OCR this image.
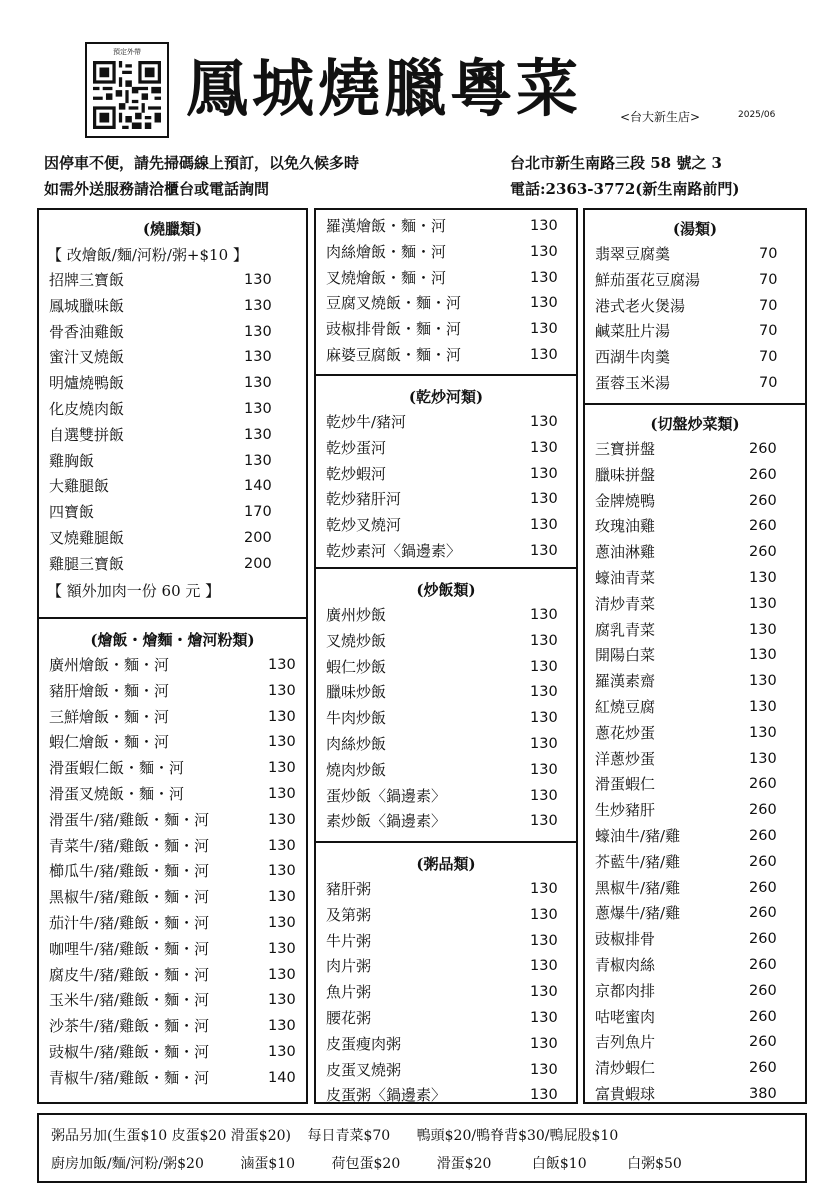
預定外帶 鳳城燒臘粵菜	<台大新生店>	2025/06
因停車不便，請先掃碼線上預訂，以免久候多時
如需外送服務請洽櫃台或電話詢問
台北市新生南路三段 58 號之 3
電話:2363-3772(新生南路前門)
(燒臘類)
【 改燴飯/麵/河粉/粥+$10 】
招牌三寶飯	130
鳳城臘味飯	130
骨香油雞飯	130
蜜汁叉燒飯	130
明爐燒鴨飯	130
化皮燒肉飯	130
自選雙拼飯	130
雞胸飯	130
大雞腿飯	140
四寶飯	170
叉燒雞腿飯	200
雞腿三寶飯	200
【 額外加肉一份 60 元 】
(燴飯・燴麵・燴河粉類)
廣州燴飯・麵・河	130
豬肝燴飯・麵・河	130
三鮮燴飯・麵・河	130
蝦仁燴飯・麵・河	130
滑蛋蝦仁飯・麵・河	130
滑蛋叉燒飯・麵・河	130
滑蛋牛/豬/雞飯・麵・河	130
青菜牛/豬/雞飯・麵・河	130
櫛瓜牛/豬/雞飯・麵・河	130
黑椒牛/豬/雞飯・麵・河	130
茄汁牛/豬/雞飯・麵・河	130
咖哩牛/豬/雞飯・麵・河	130
腐皮牛/豬/雞飯・麵・河	130
玉米牛/豬/雞飯・麵・河	130
沙茶牛/豬/雞飯・麵・河	130
豉椒牛/豬/雞飯・麵・河	130
青椒牛/豬/雞飯・麵・河	140
羅漢燴飯・麵・河	130
肉絲燴飯・麵・河	130
叉燒燴飯・麵・河	130
豆腐叉燒飯・麵・河	130
豉椒排骨飯・麵・河	130
麻婆豆腐飯・麵・河	130
(乾炒河類)
乾炒牛/豬河	130
乾炒蛋河	130
乾炒蝦河	130
乾炒豬肝河	130
乾炒叉燒河	130
乾炒素河〈鍋邊素〉	130
(炒飯類)
廣州炒飯	130
叉燒炒飯	130
蝦仁炒飯	130
臘味炒飯	130
牛肉炒飯	130
肉絲炒飯	130
燒肉炒飯	130
蛋炒飯〈鍋邊素〉	130
素炒飯〈鍋邊素〉	130
(粥品類)
豬肝粥	130
及第粥	130
牛片粥	130
肉片粥	130
魚片粥	130
腰花粥	130
皮蛋瘦肉粥	130
皮蛋叉燒粥	130
皮蛋粥〈鍋邊素〉	130
(湯類)
翡翠豆腐羹	70
鮮茄蛋花豆腐湯	70
港式老火煲湯	70
鹹菜肚片湯	70
西湖牛肉羹	70
蛋蓉玉米湯	70
(切盤炒菜類)
三寶拼盤	260
臘味拼盤	260
金牌燒鴨	260
玫瑰油雞	260
蔥油淋雞	260
蠔油青菜	130
清炒青菜	130
腐乳青菜	130
開陽白菜	130
羅漢素齋	130
紅燒豆腐	130
蔥花炒蛋	130
洋蔥炒蛋	130
滑蛋蝦仁	260
生炒豬肝	260
蠔油牛/豬/雞	260
芥藍牛/豬/雞	260
黑椒牛/豬/雞	260
蔥爆牛/豬/雞	260
豉椒排骨	260
青椒肉絲	260
京都肉排	260
咕咾蜜肉	260
吉列魚片	260
清炒蝦仁	260
富貴蝦球	380
粥品另加(生蛋$10 皮蛋$20 滑蛋$20) 每日青菜$70 鴨頭$20/鴨脊背$30/鴨屁股$10
廚房加飯/麵/河粉/粥$20	滷蛋$10	荷包蛋$20	滑蛋$20	白飯$10	白粥$50
